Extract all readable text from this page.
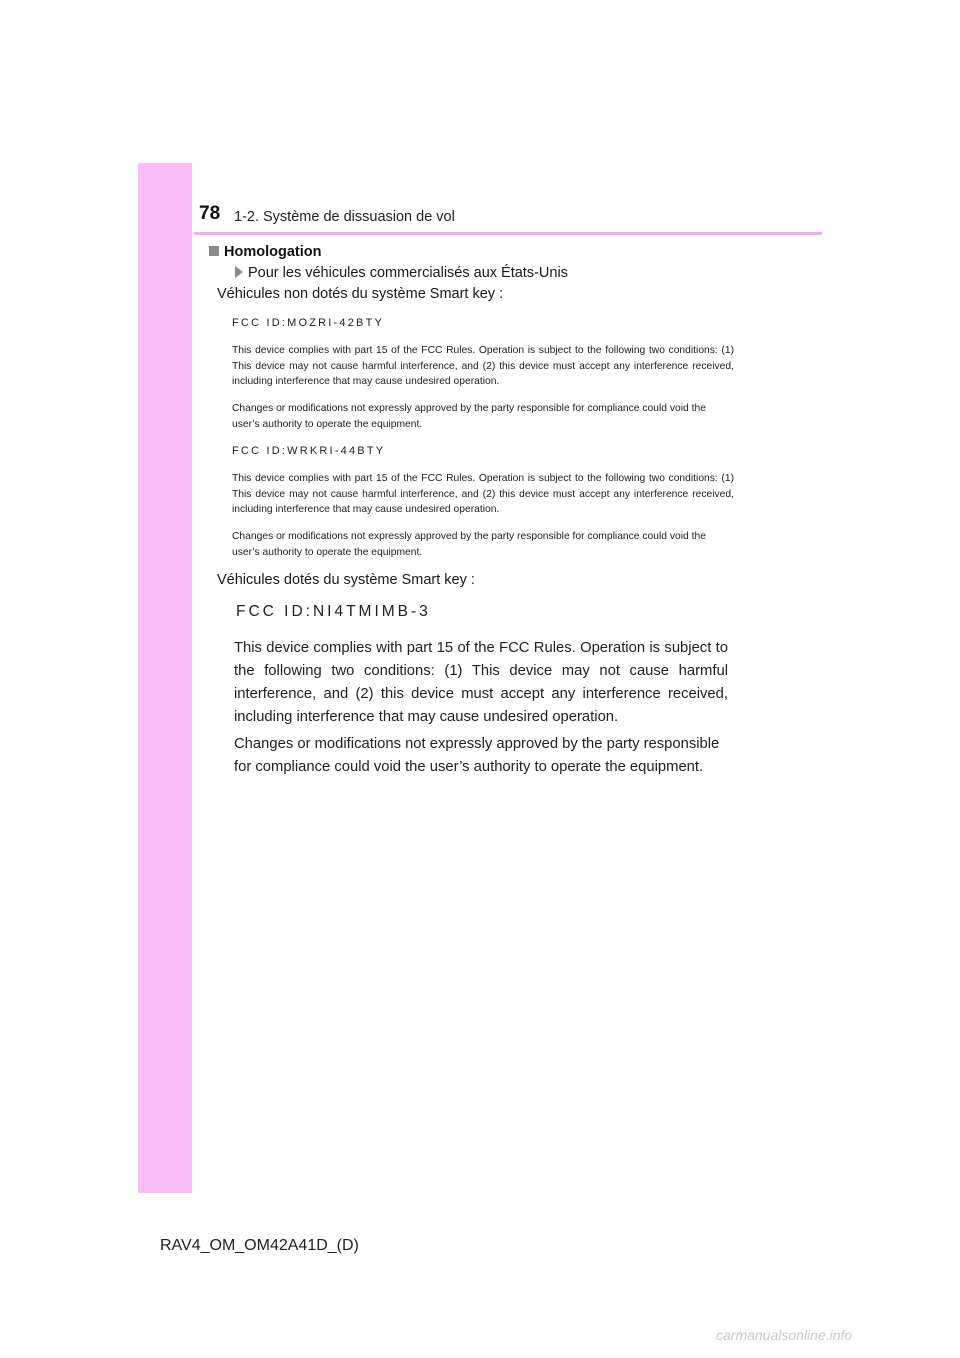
78 1-2. Système de dissuasion de vol
Homologation
Pour les véhicules commercialisés aux États-Unis
Véhicules non dotés du système Smart key :
FCC ID:MOZRI-42BTY

This device complies with part 15 of the FCC Rules. Operation is subject to the following two conditions: (1) This device may not cause harmful interference, and (2) this device must accept any interference received, including interference that may cause undesired operation.

Changes or modifications not expressly approved by the party responsible for compliance could void the user’s authority to operate the equipment.

FCC ID:WRKRI-44BTY

This device complies with part 15 of the FCC Rules. Operation is subject to the following two conditions: (1) This device may not cause harmful interference, and (2) this device must accept any interference received, including interference that may cause undesired operation.

Changes or modifications not expressly approved by the party responsible for compliance could void the user’s authority to operate the equipment.

Véhicules dotés du système Smart key :
FCC ID:NI4TMIMB-3

This device complies with part 15 of the FCC Rules. Operation is subject to the following two conditions: (1) This device may not cause harmful interference, and (2) this device must accept any interference received, including interference that may cause undesired operation.

Changes or modifications not expressly approved by the party responsible for compliance could void the user’s authority to operate the equipment.

RAV4_OM_OM42A41D_(D)
carmanualsonline.info
